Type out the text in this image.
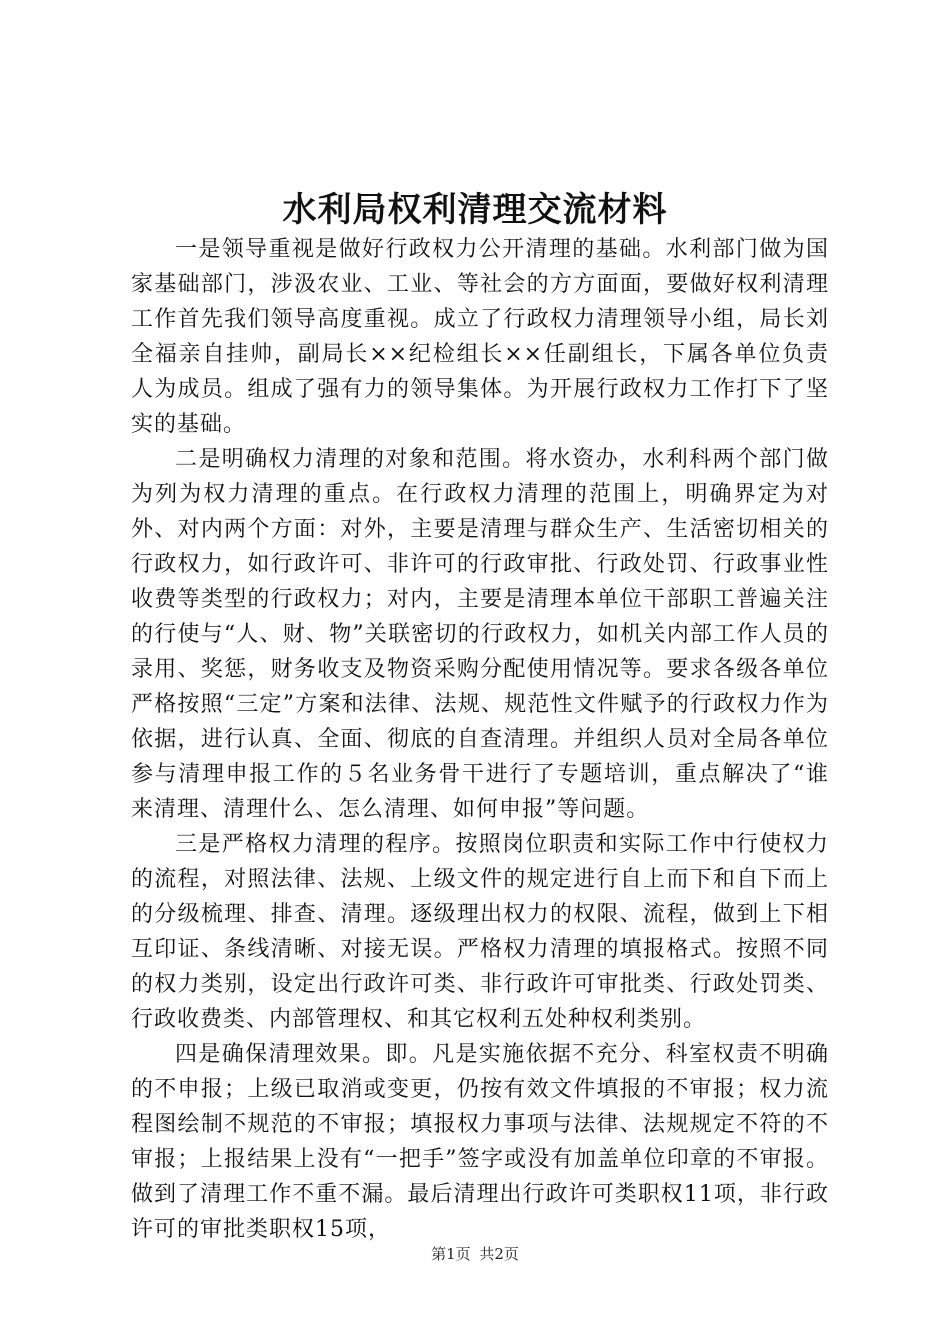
水利局权利清理交流材料

一是领导重视是做好行政权力公开清理的基础。水利部门做为国家基础部门，涉汲农业、工业、等社会的方方面面，要做好权利清理工作首先我们领导高度重视。成立了行政权力清理领导小组，局长刘全福亲自挂帅，副局长××纪检组长××任副组长，下属各单位负责人为成员。组成了强有力的领导集体。为开展行政权力工作打下了坚实的基础。

二是明确权力清理的对象和范围。将水资办，水利科两个部门做为列为权力清理的重点。在行政权力清理的范围上，明确界定为对外、对内两个方面：对外，主要是清理与群众生产、生活密切相关的行政权力，如行政许可、非许可的行政审批、行政处罚、行政事业性收费等类型的行政权力；对内，主要是清理本单位干部职工普遍关注的行使与“人、财、物”关联密切的行政权力，如机关内部工作人员的录用、奖惩，财务收支及物资采购分配使用情况等。要求各级各单位严格按照“三定”方案和法律、法规、规范性文件赋予的行政权力作为依据，进行认真、全面、彻底的自查清理。并组织人员对全局各单位参与清理申报工作的５名业务骨干进行了专题培训，重点解决了“谁来清理、清理什么、怎么清理、如何申报”等问题。

三是严格权力清理的程序。按照岗位职责和实际工作中行使权力的流程，对照法律、法规、上级文件的规定进行自上而下和自下而上的分级梳理、排查、清理。逐级理出权力的权限、流程，做到上下相互印证、条线清晰、对接无误。严格权力清理的填报格式。按照不同的权力类别，设定出行政许可类、非行政许可审批类、行政处罚类、行政收费类、内部管理权、和其它权利五处种权利类别。

四是确保清理效果。即。凡是实施依据不充分、科室权责不明确的不申报；上级已取消或变更，仍按有效文件填报的不审报；权力流程图绘制不规范的不审报；填报权力事项与法律、法规规定不符的不审报；上报结果上没有“一把手”签字或没有加盖单位印章的不审报。做到了清理工作不重不漏。最后清理出行政许可类职权11项，非行政许可的审批类职权15项，

第1页 共2页
